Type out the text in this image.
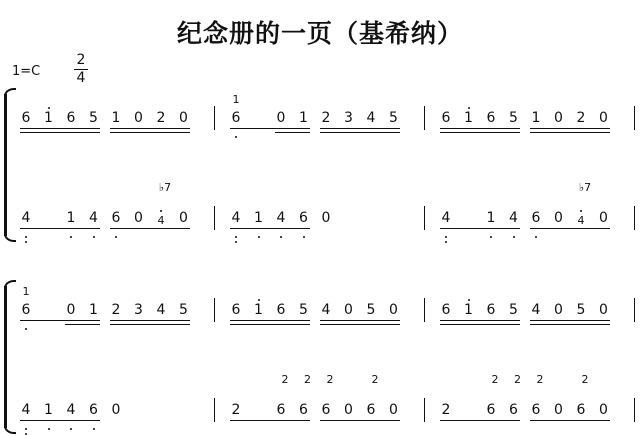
纪念册的一页（基希纳）
1=C
2
4
6 1 6 5 1 0 2 0	6
1
0 1 2 3 4 5	6 1 6 5 1 0 2 0
4	1 4 6 0 4
♭7
0	4 1 4 6 0	4	1 4 6 0 4
♭7
0
6
1
0 1 2 3 4 5	6 1 6 5 4 0 5 0	6 1 6 5 4 0 5 0
4 1 4 6 0	2	6
2
6
2
6
2
0 6
2
0	2	6
2
6
2
6
2
0 6
2
0
